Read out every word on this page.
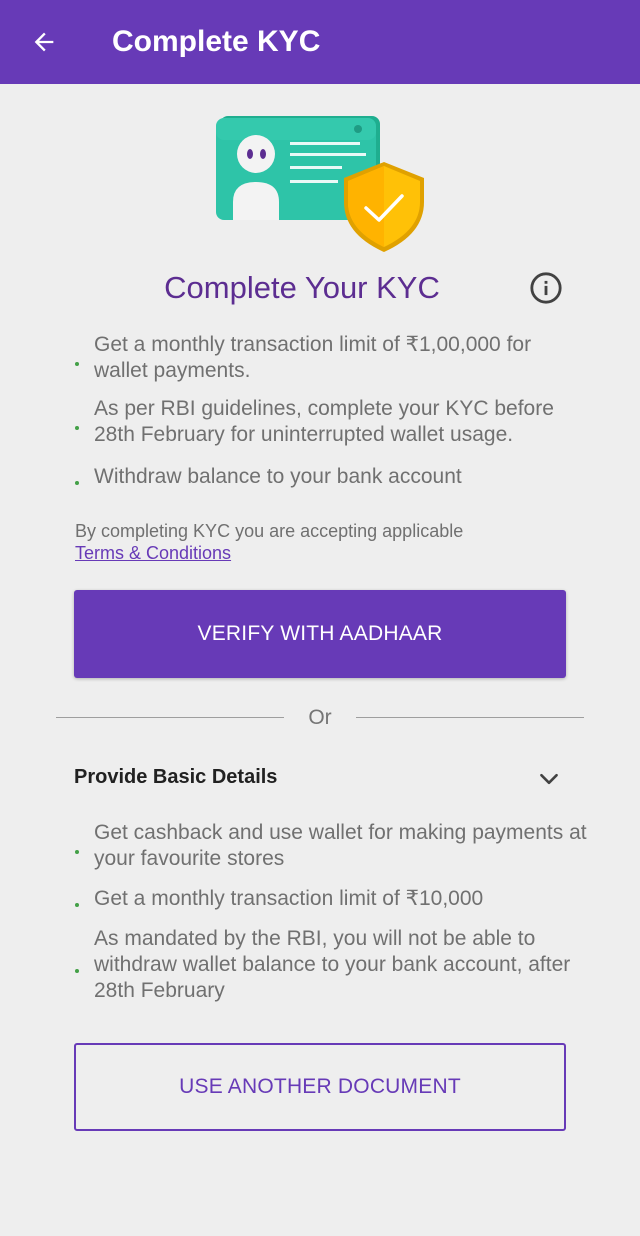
Complete KYC
Complete Your KYC
Get a monthly transaction limit of ₹1,00,000 for wallet payments.
As per RBI guidelines, complete your KYC before 28th February for uninterrupted wallet usage.
Withdraw balance to your bank account
By completing KYC you are accepting applicable
Terms & Conditions
VERIFY WITH AADHAAR
Or
Provide Basic Details
Get cashback and use wallet for making payments at your favourite stores
Get a monthly transaction limit of ₹10,000
As mandated by the RBI, you will not be able to withdraw wallet balance to your bank account, after 28th February
USE ANOTHER DOCUMENT
